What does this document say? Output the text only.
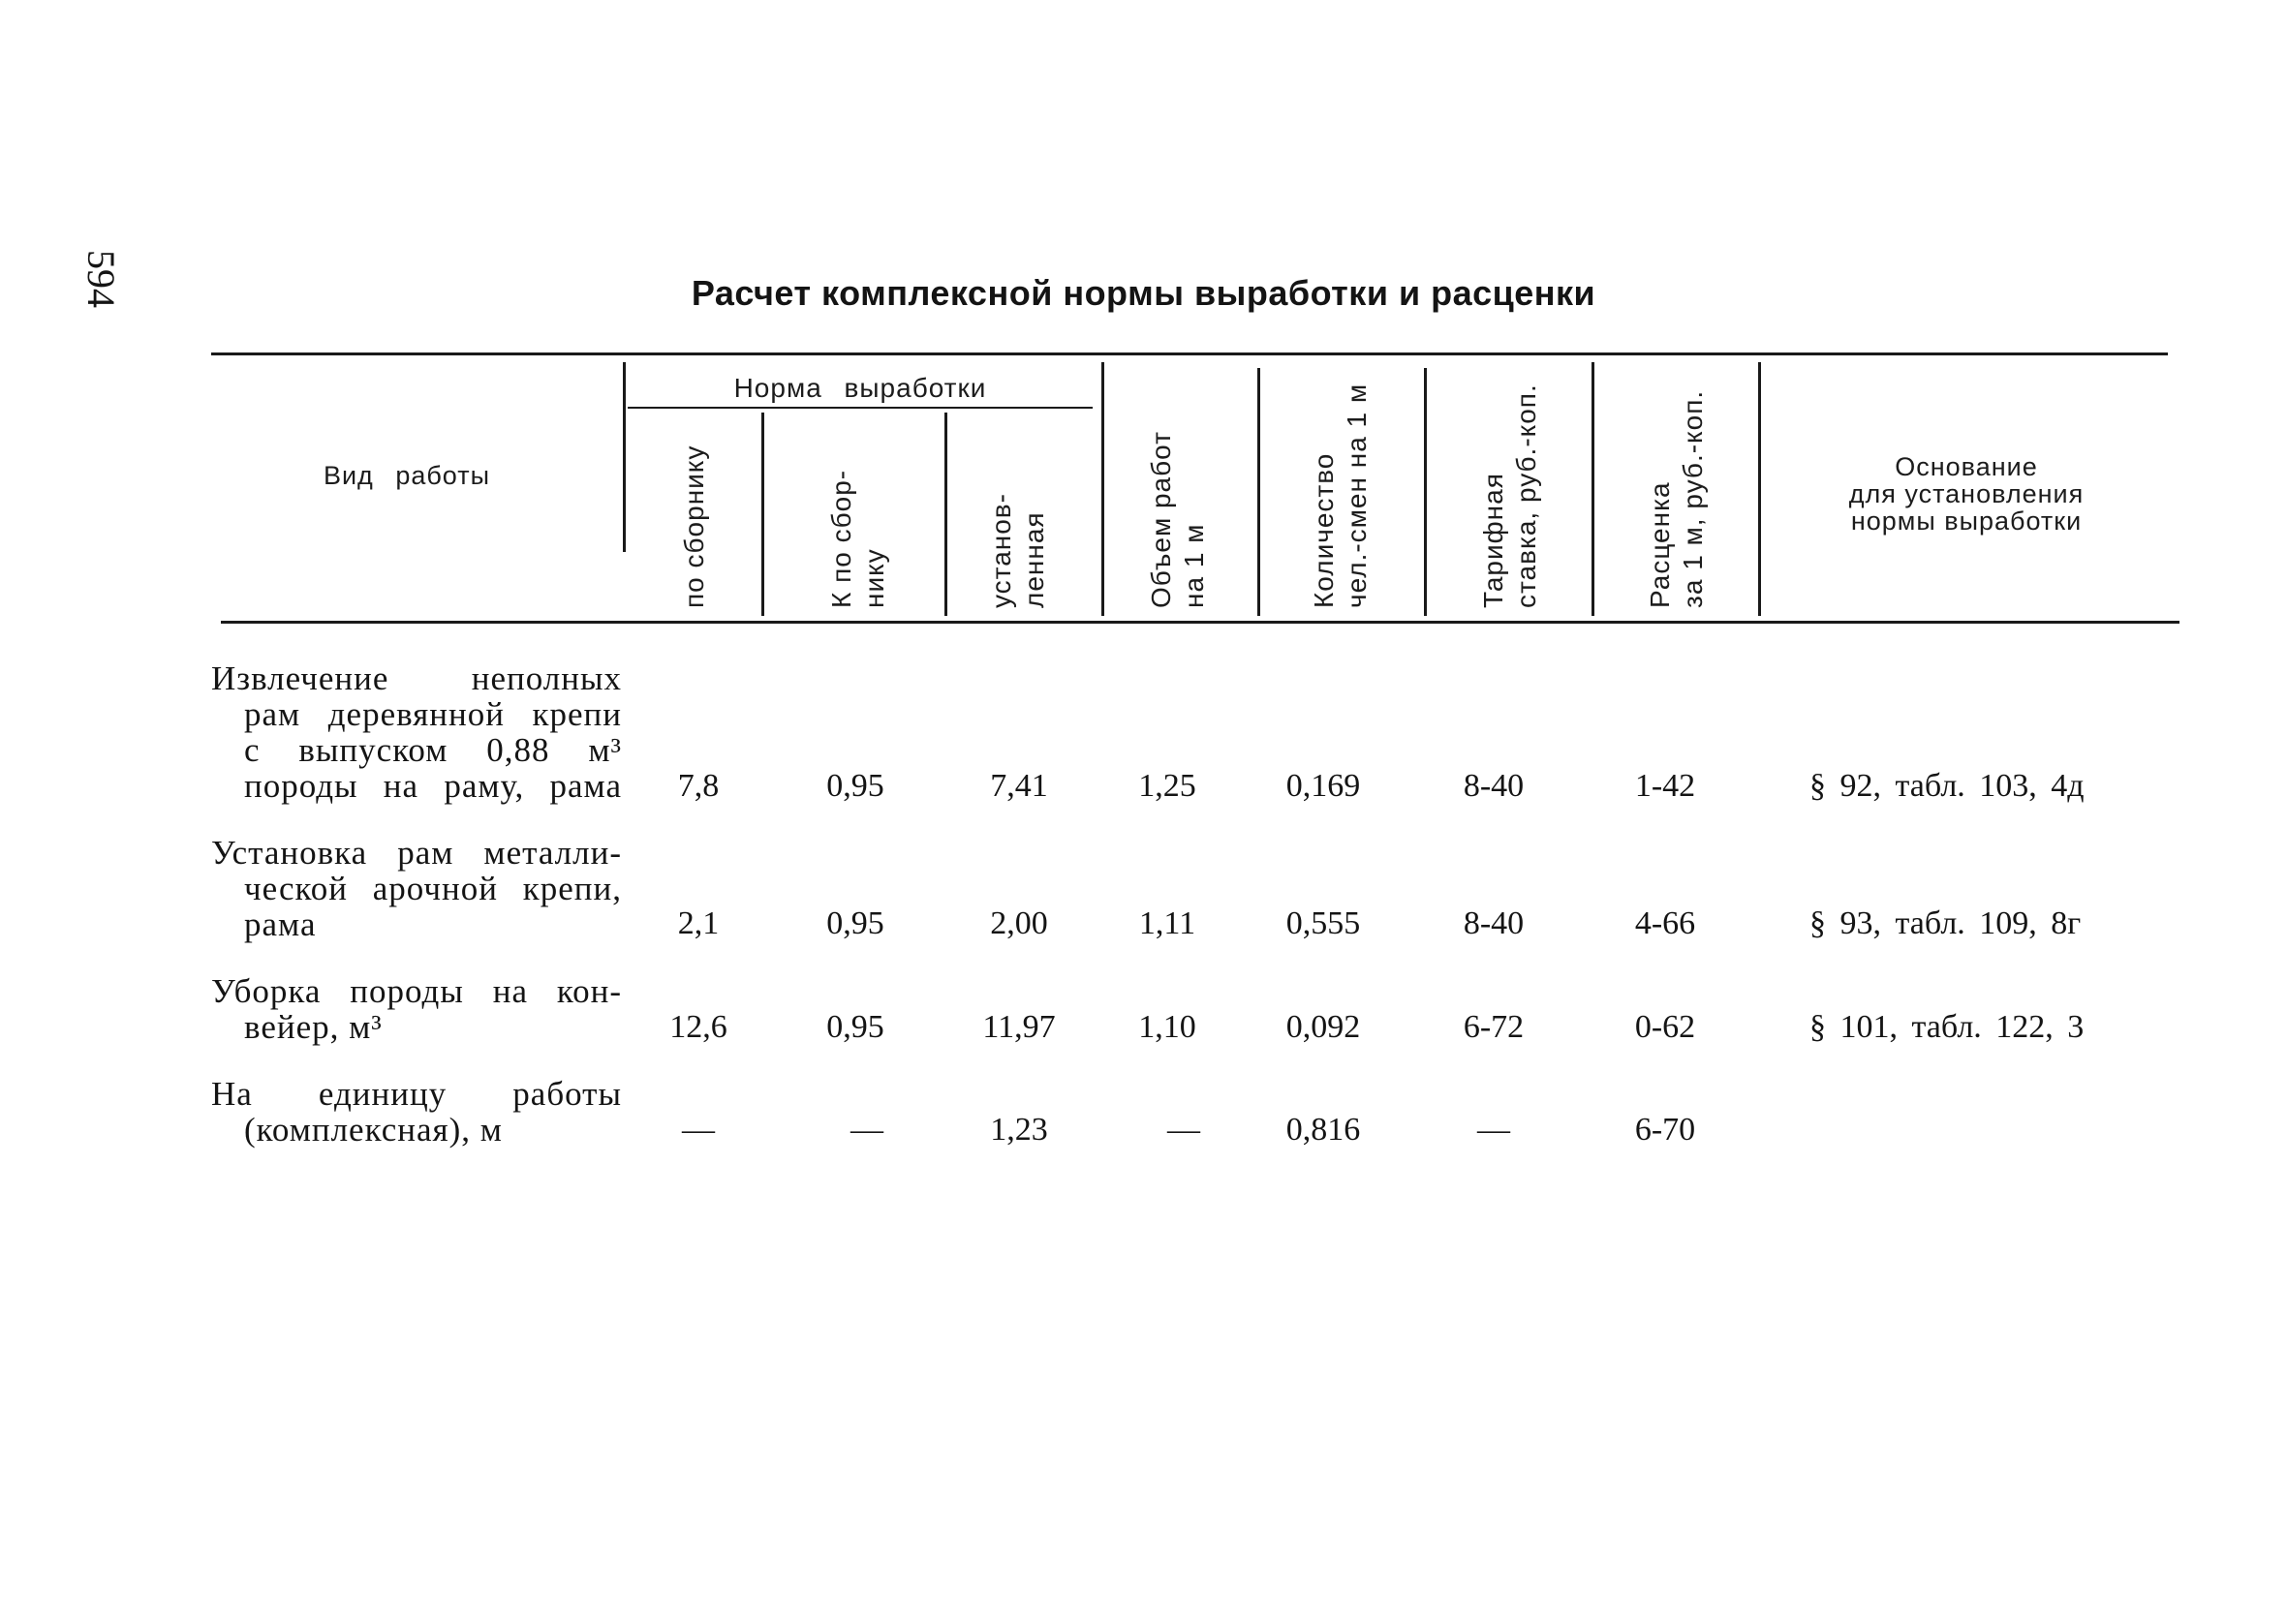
594	Расчет комплексной нормы выработки и расценки
Вид работы
Норма выработки
по сборнику	К по сбор- нику	установ- ленная	Объем работ на 1 м	Количество чел.-смен на 1 м	Тарифная ставка, руб.-коп.	Расценка за 1 м, руб.-коп.	Основание
для установления
нормы выработки
Извлечение неполных
рам деревянной крепи
с выпуском 0,88 м³
породы на раму, рама 7,8	0,95	7,41	1,25	0,169	8-40	1-42	§ 92, табл. 103, 4д
Установка рам металли-
ческой арочной крепи,
рама	2,1	0,95	2,00	1,11	0,555	8-40	4-66	§ 93, табл. 109, 8г
Уборка породы на кон-
вейер, м³	12,6	0,95	11,97	1,10	0,092	6-72	0-62	§ 101, табл. 122, 3
На единицу работы
(комплексная), м	—	—	1,23	—	0,816	—	6-70
